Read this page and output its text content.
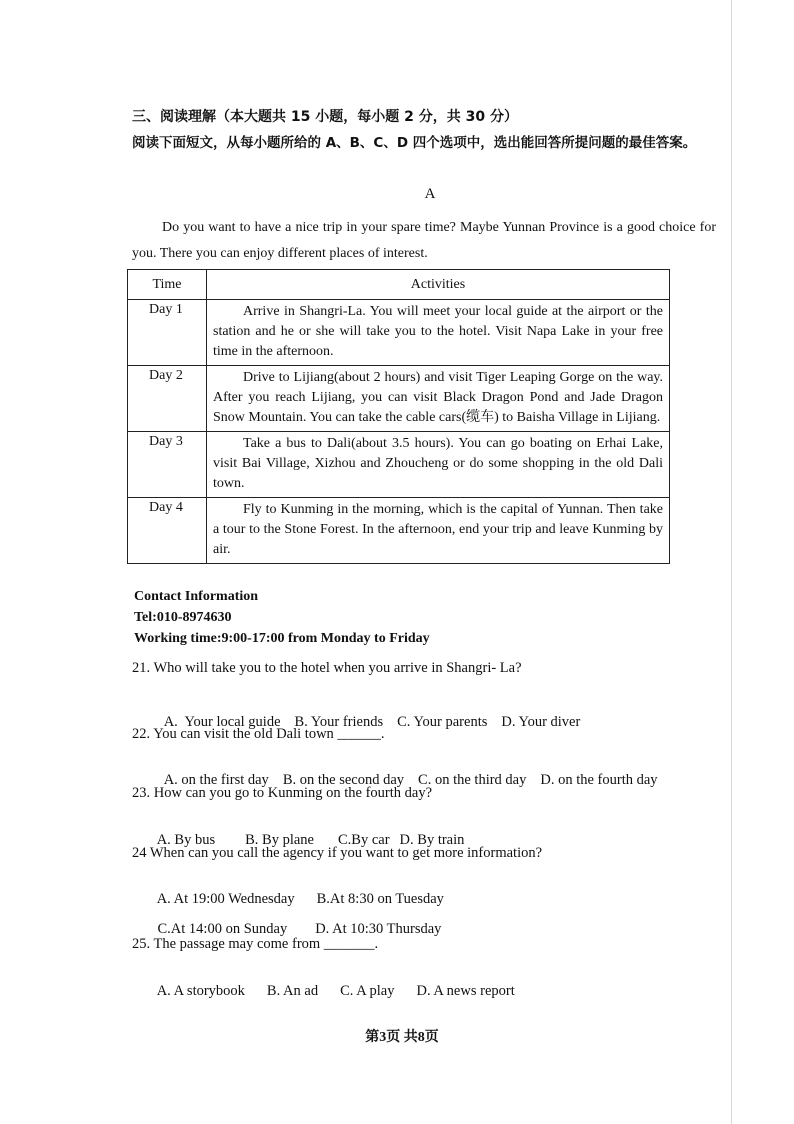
三、阅读理解（本大题共 15 小题，每小题 2 分，共 30 分）
阅读下面短文，从每小题所给的 A、B、C、D 四个选项中，选出能回答所提问题的最佳答案。
A
Do you want to have a nice trip in your spare time? Maybe Yunnan Province is a good choice for you. There you can enjoy different places of interest.
Time	Activities
Day 1	Arrive in Shangri-La. You will meet your local guide at the airport or the station and he or she will take you to the hotel. Visit Napa Lake in your free time in the afternoon.
Day 2	Drive to Lijiang(about 2 hours) and visit Tiger Leaping Gorge on the way. After you reach Lijiang, you can visit Black Dragon Pond and Jade Dragon Snow Mountain. You can take the cable cars(缆车) to Baisha Village in Lijiang.
Day 3	Take a bus to Dali(about 3.5 hours). You can go boating on Erhai Lake, visit Bai Village, Xizhou and Zhoucheng or do some shopping in the old Dali town.
Day 4	Fly to Kunming in the morning, which is the capital of Yunnan. Then take a tour to the Stone Forest. In the afternoon, end your trip and leave Kunming by air.
Contact Information
Tel:010-8974630
Working time:9:00-17:00 from Monday to Friday
21. Who will take you to the hotel when you arrive in Shangri- La?

A.  Your local guide B. Your friends C. Your parents D. Your diver

22. You can visit the old Dali town ______.

A. on the first day B. on the second day C. on the third day D. on the fourth day

23. How can you go to Kunming on the fourth day?

A. By bus B. By plane C.By car D. By train

24 When can you call the agency if you want to get more information?

A. At 19:00 Wednesday B.At 8:30 on Tuesday

C.At 14:00 on Sunday D. At 10:30 Thursday

25. The passage may come from _______.

A. A storybook B. An ad C. A play D. A news report

第3页 共8页
